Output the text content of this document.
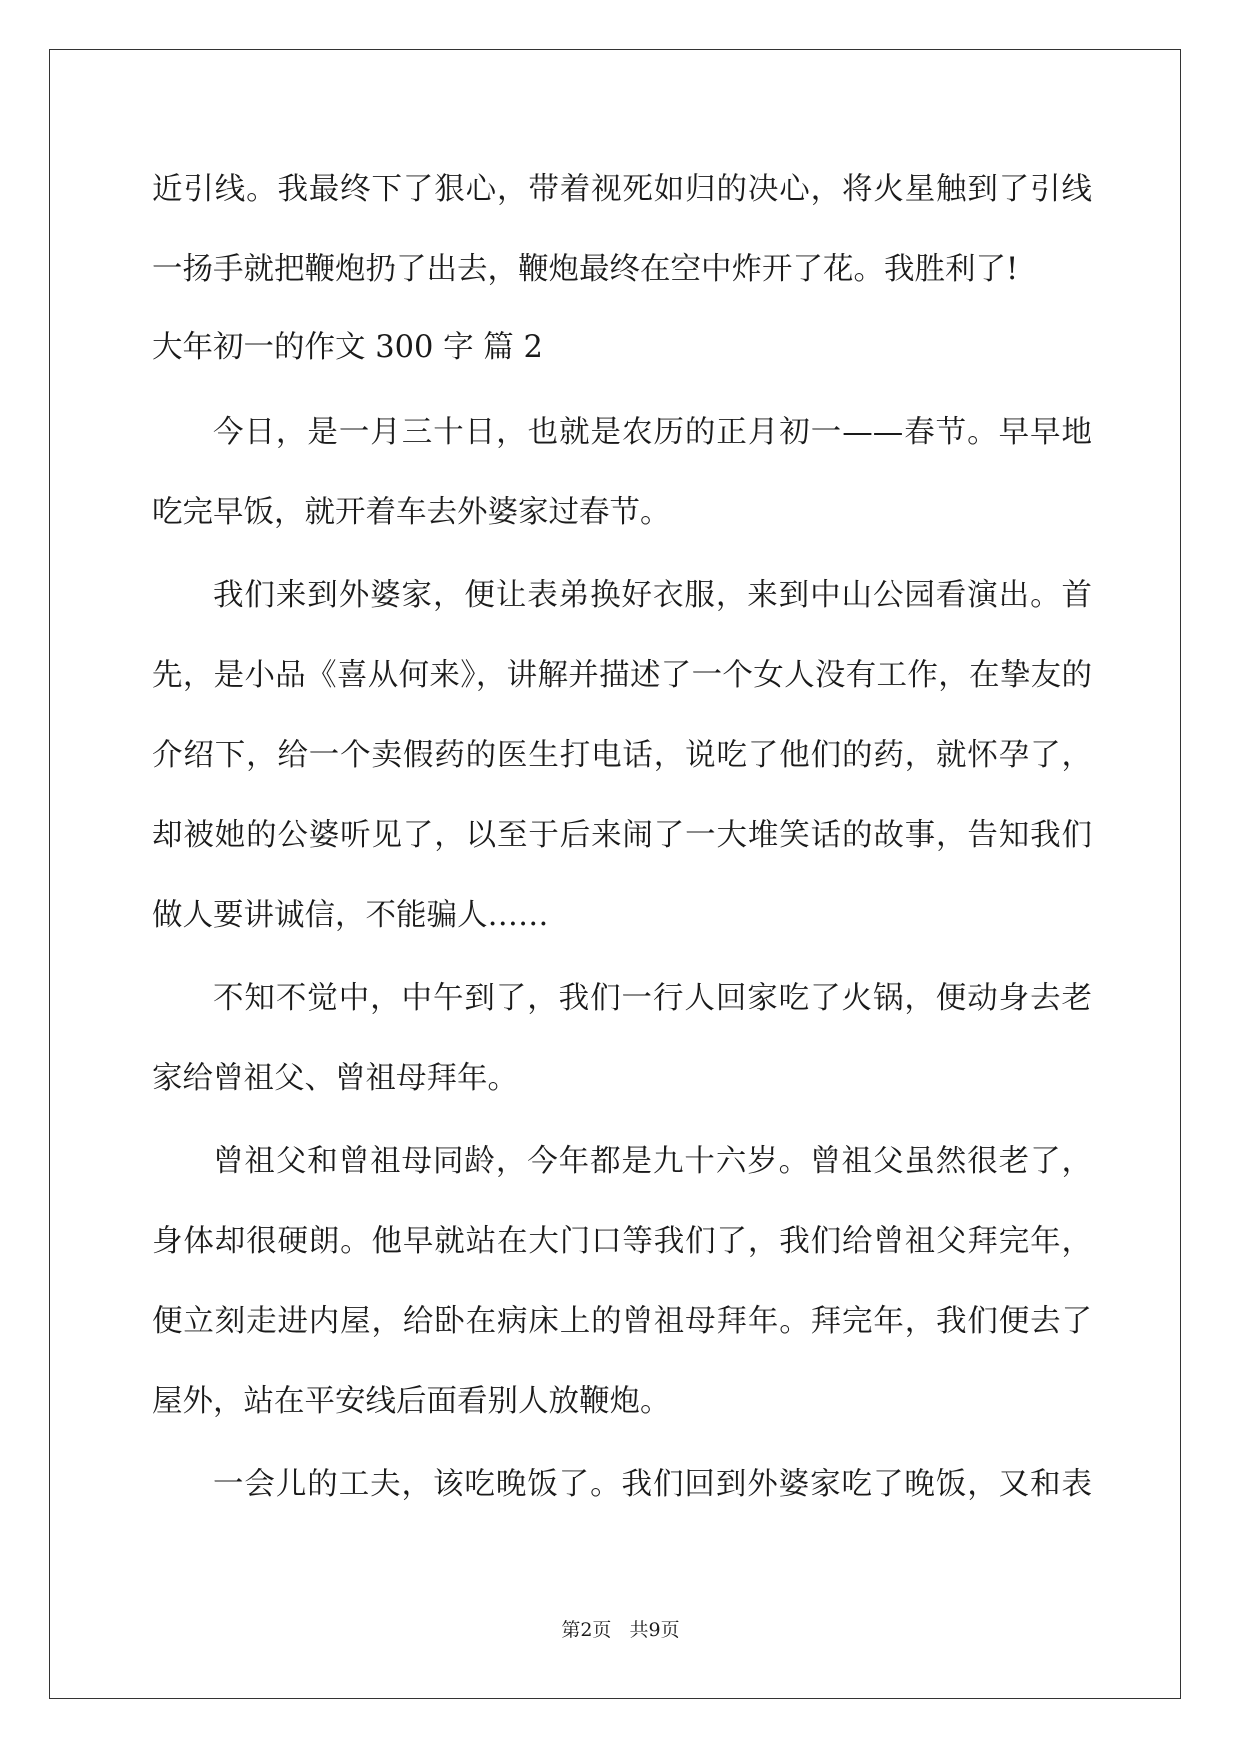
近引线。我最终下了狠心，带着视死如归的决心，将火星触到了引线

一扬手就把鞭炮扔了出去，鞭炮最终在空中炸开了花。我胜利了!

大年初一的作文 300 字 篇 2

今日，是一月三十日，也就是农历的正月初一——春节。早早地

吃完早饭，就开着车去外婆家过春节。

我们来到外婆家，便让表弟换好衣服，来到中山公园看演出。首

先，是小品《喜从何来》，讲解并描述了一个女人没有工作，在挚友的

介绍下，给一个卖假药的医生打电话，说吃了他们的药，就怀孕了，

却被她的公婆听见了，以至于后来闹了一大堆笑话的故事，告知我们

做人要讲诚信，不能骗人……

不知不觉中，中午到了，我们一行人回家吃了火锅，便动身去老

家给曾祖父、曾祖母拜年。

曾祖父和曾祖母同龄，今年都是九十六岁。曾祖父虽然很老了，

身体却很硬朗。他早就站在大门口等我们了，我们给曾祖父拜完年，

便立刻走进内屋，给卧在病床上的曾祖母拜年。拜完年，我们便去了

屋外，站在平安线后面看别人放鞭炮。

一会儿的工夫，该吃晚饭了。我们回到外婆家吃了晚饭，又和表

第2页   共9页
